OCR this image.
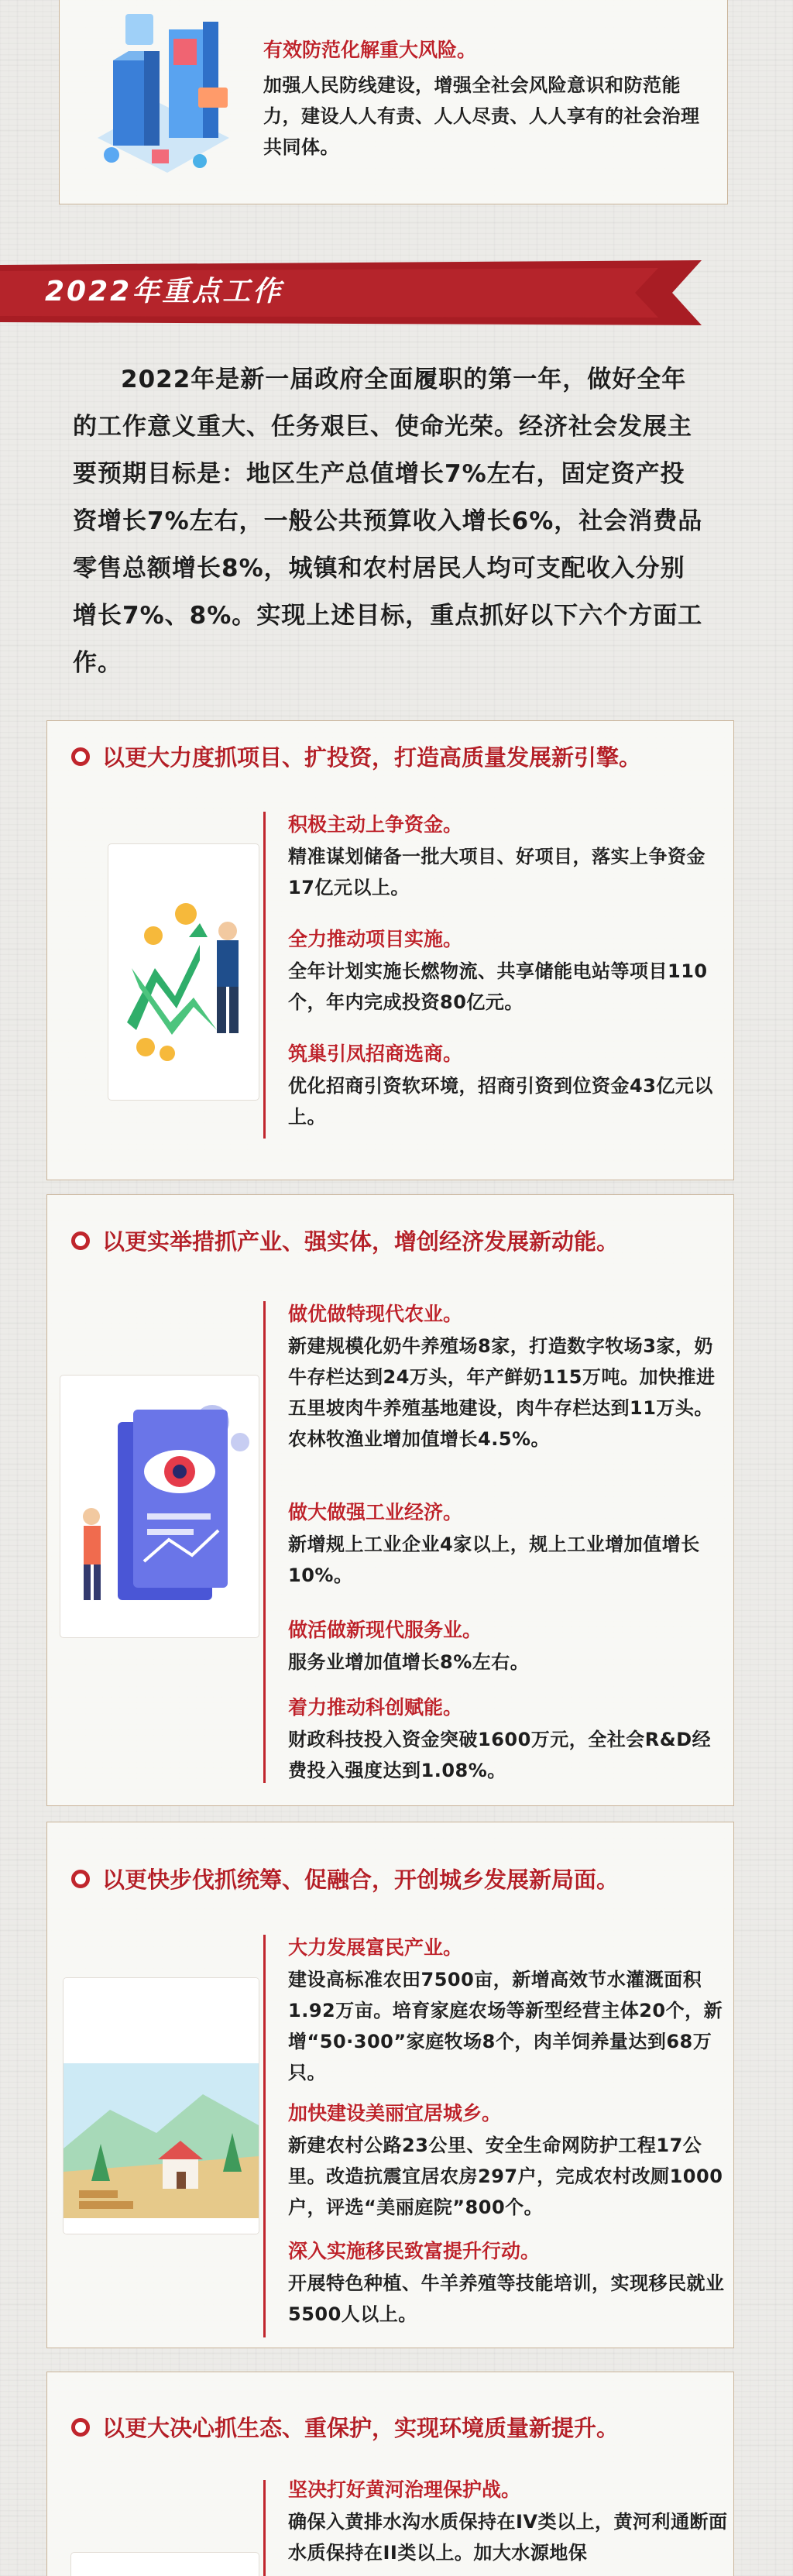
有效防范化解重大风险。
加强人民防线建设，增强全社会风险意识和防范能力，建设人人有责、人人尽责、人人享有的社会治理共同体。
2022年重点工作

2022年是新一届政府全面履职的第一年，做好全年的工作意义重大、任务艰巨、使命光荣。经济社会发展主要预期目标是：地区生产总值增长7%左右，固定资产投资增长7%左右，一般公共预算收入增长6%，社会消费品零售总额增长8%，城镇和农村居民人均可支配收入分别增长7%、8%。实现上述目标，重点抓好以下六个方面工作。

以更大力度抓项目、扩投资，打造高质量发展新引擎。
积极主动上争资金。
精准谋划储备一批大项目、好项目，落实上争资金17亿元以上。
全力推动项目实施。
全年计划实施长燃物流、共享储能电站等项目110个，年内完成投资80亿元。
筑巢引凤招商选商。
优化招商引资软环境，招商引资到位资金43亿元以上。
以更实举措抓产业、强实体，增创经济发展新动能。
做优做特现代农业。
新建规模化奶牛养殖场8家，打造数字牧场3家，奶牛存栏达到24万头，年产鲜奶115万吨。加快推进五里坡肉牛养殖基地建设，肉牛存栏达到11万头。农林牧渔业增加值增长4.5%。
做大做强工业经济。
新增规上工业企业4家以上，规上工业增加值增长10%。
做活做新现代服务业。
服务业增加值增长8%左右。
着力推动科创赋能。
财政科技投入资金突破1600万元，全社会R&D经费投入强度达到1.08%。
以更快步伐抓统筹、促融合，开创城乡发展新局面。
大力发展富民产业。
建设高标准农田7500亩，新增高效节水灌溉面积1.92万亩。培育家庭农场等新型经营主体20个，新增“50·300”家庭牧场8个，肉羊饲养量达到68万只。
加快建设美丽宜居城乡。
新建农村公路23公里、安全生命网防护工程17公里。改造抗震宜居农房297户，完成农村改厕1000户，评选“美丽庭院”800个。
深入实施移民致富提升行动。
开展特色种植、牛羊养殖等技能培训，实现移民就业5500人以上。
以更大决心抓生态、重保护，实现环境质量新提升。
坚决打好黄河治理保护战。
确保入黄排水沟水质保持在IV类以上，黄河利通断面水质保持在II类以上。加大水源地保
